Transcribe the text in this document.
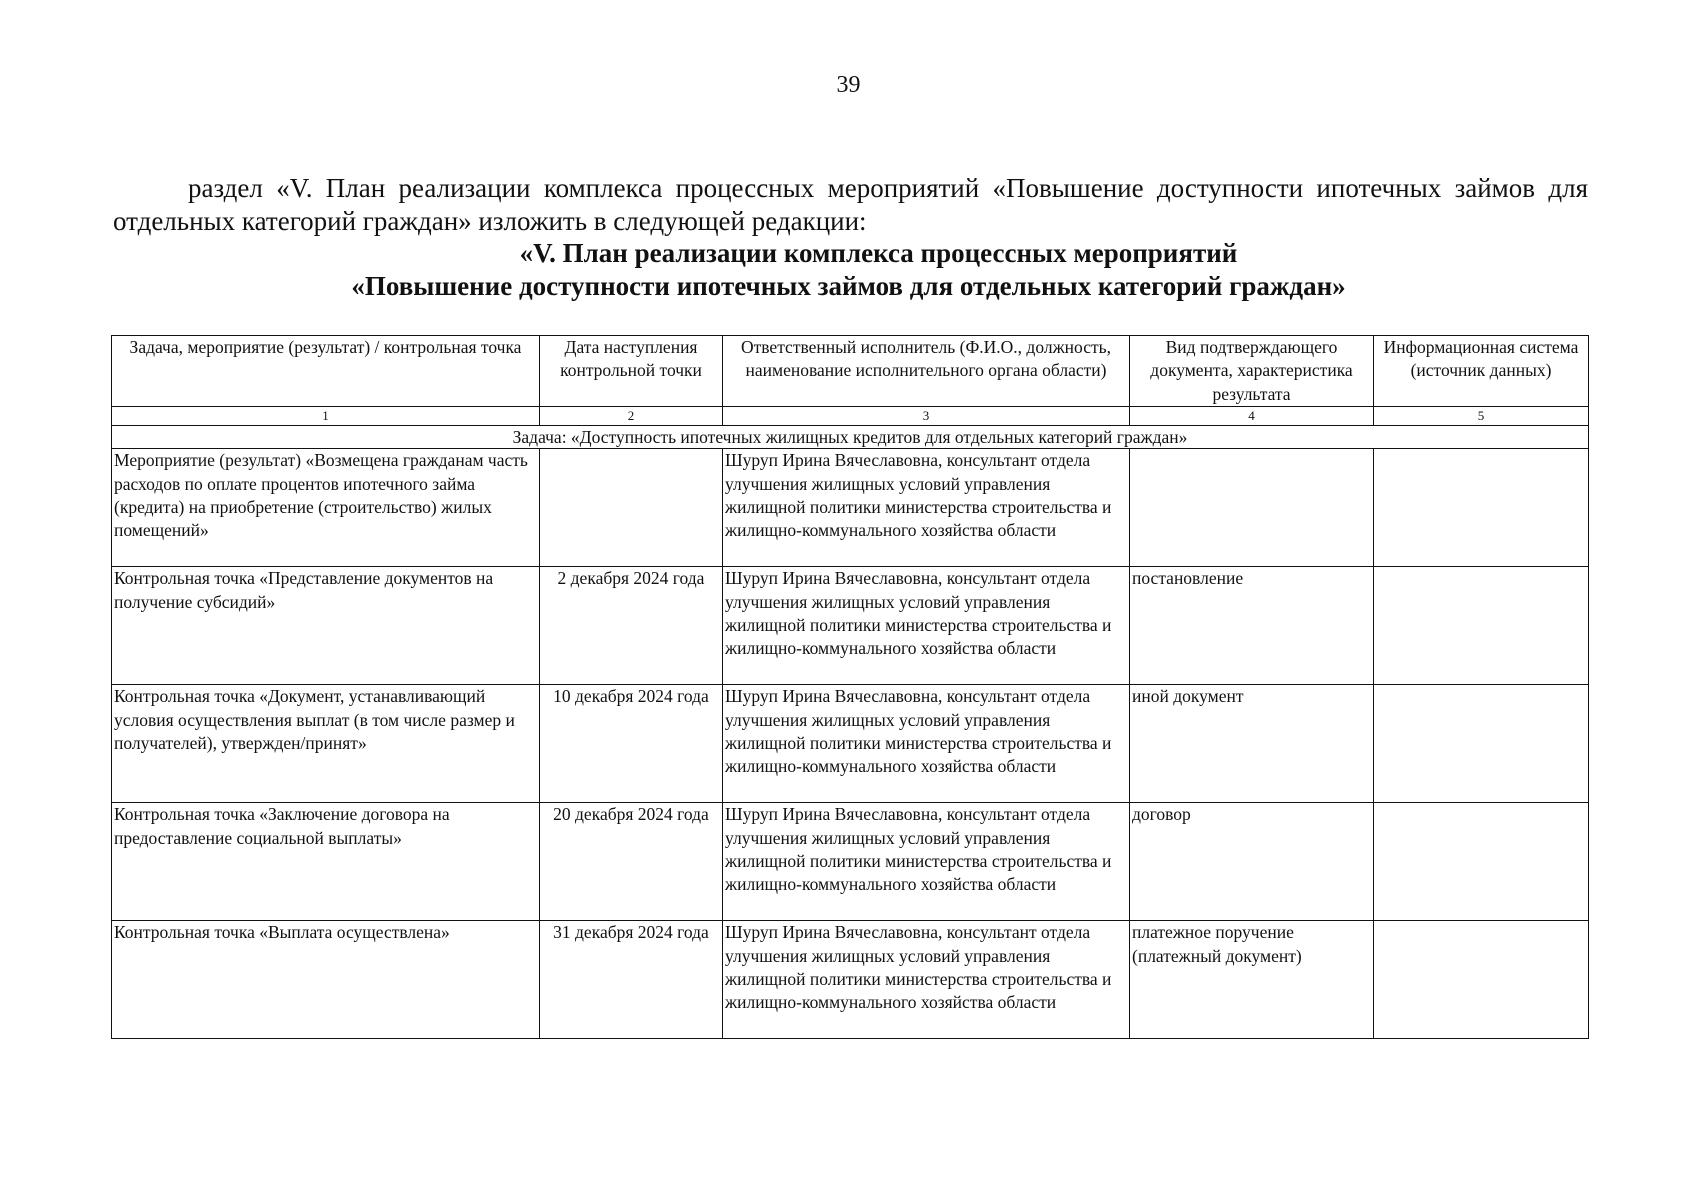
39
раздел «V. План реализации комплекса процессных мероприятий «Повышение доступности ипотечных займов для отдельных категорий граждан» изложить в следующей редакции:
«V. План реализации комплекса процессных мероприятий
«Повышение доступности ипотечных займов для отдельных категорий граждан»
Задача, мероприятие (результат) / контрольная точка	Дата наступления контрольной точки	Ответственный исполнитель (Ф.И.О., должность, наименование исполнительного органа области)	Вид подтверждающего документа, характеристика результата	Информационная система (источник данных)
1	2	3	4	5
Задача: «Доступность ипотечных жилищных кредитов для отдельных категорий граждан»				
Мероприятие (результат) «Возмещена гражданам часть расходов по оплате процентов ипотечного займа (кредита) на приобретение (строительство) жилых помещений»		Шуруп Ирина Вячеславовна, консультант отдела улучшения жилищных условий управления жилищной политики министерства строительства и жилищно-коммунального хозяйства области		
Контрольная точка «Представление документов на получение субсидий»	2 декабря 2024 года	Шуруп Ирина Вячеславовна, консультант отдела улучшения жилищных условий управления жилищной политики министерства строительства и жилищно-коммунального хозяйства области	постановление	
Контрольная точка «Документ, устанавливающий условия осуществления выплат (в том числе размер и получателей), утвержден/принят»	10 декабря 2024 года	Шуруп Ирина Вячеславовна, консультант отдела улучшения жилищных условий управления жилищной политики министерства строительства и жилищно-коммунального хозяйства области	иной документ	
Контрольная точка «Заключение договора на предоставление социальной выплаты»	20 декабря 2024 года	Шуруп Ирина Вячеславовна, консультант отдела улучшения жилищных условий управления жилищной политики министерства строительства и жилищно-коммунального хозяйства области	договор	
Контрольная точка «Выплата осуществлена»	31 декабря 2024 года	Шуруп Ирина Вячеславовна, консультант отдела улучшения жилищных условий управления жилищной политики министерства строительства и жилищно-коммунального хозяйства области	платежное поручение (платежный документ)	
